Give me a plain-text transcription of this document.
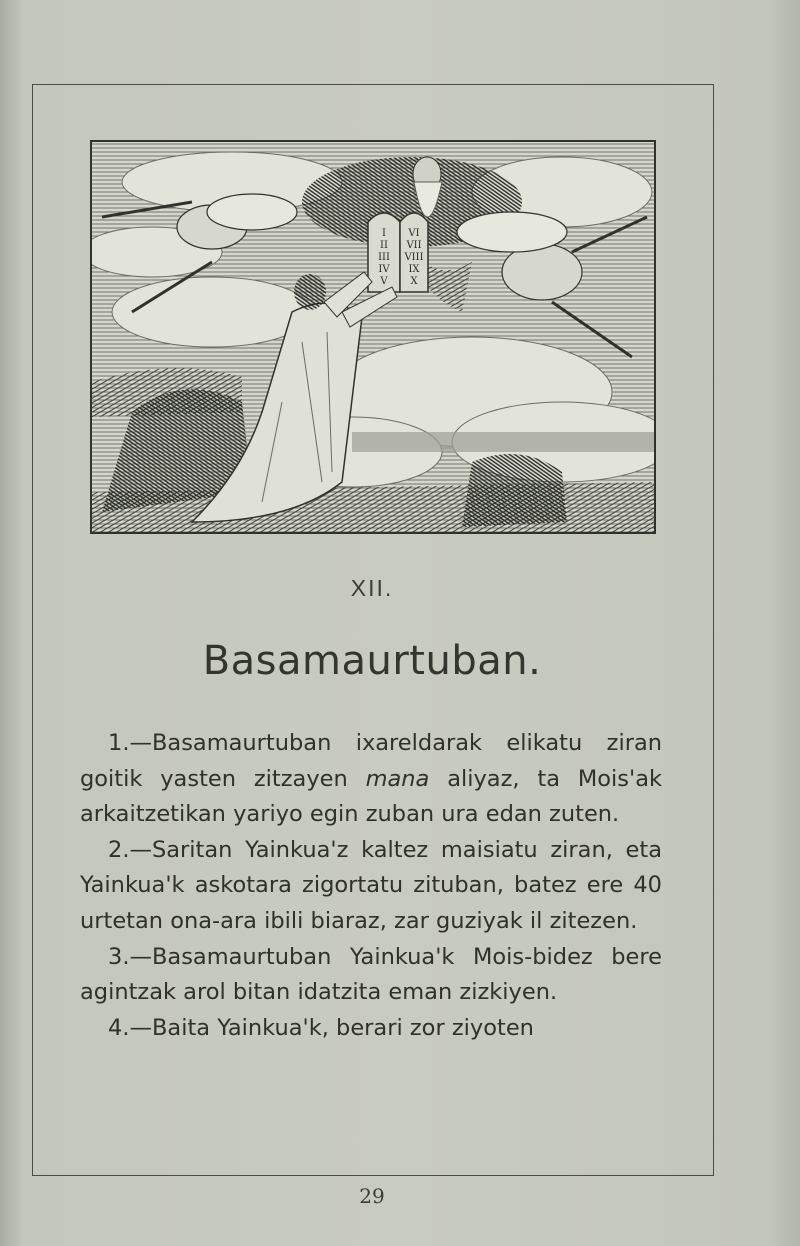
I
II
III
IV
V
VI
VII
VIII
IX
X
XII.
Basamaurtuban.

1.—Basamaurtuban ixareldarak elikatu ziran goitik yasten zitzayen mana aliyaz, ta Mois'ak arkaitzetikan yariyo egin zuban ura edan zuten.

2.—Saritan Yainkua'z kaltez maisiatu ziran, eta Yainkua'k askotara zigortatu zituban, batez ere 40 urtetan ona-ara ibili biaraz, zar guziyak il zitezen.

3.—Basamaurtuban Yainkua'k Mois-bidez bere agintzak arol bitan idatzita eman zizkiyen.

4.—Baita Yainkua'k, berari zor ziyoten

29
